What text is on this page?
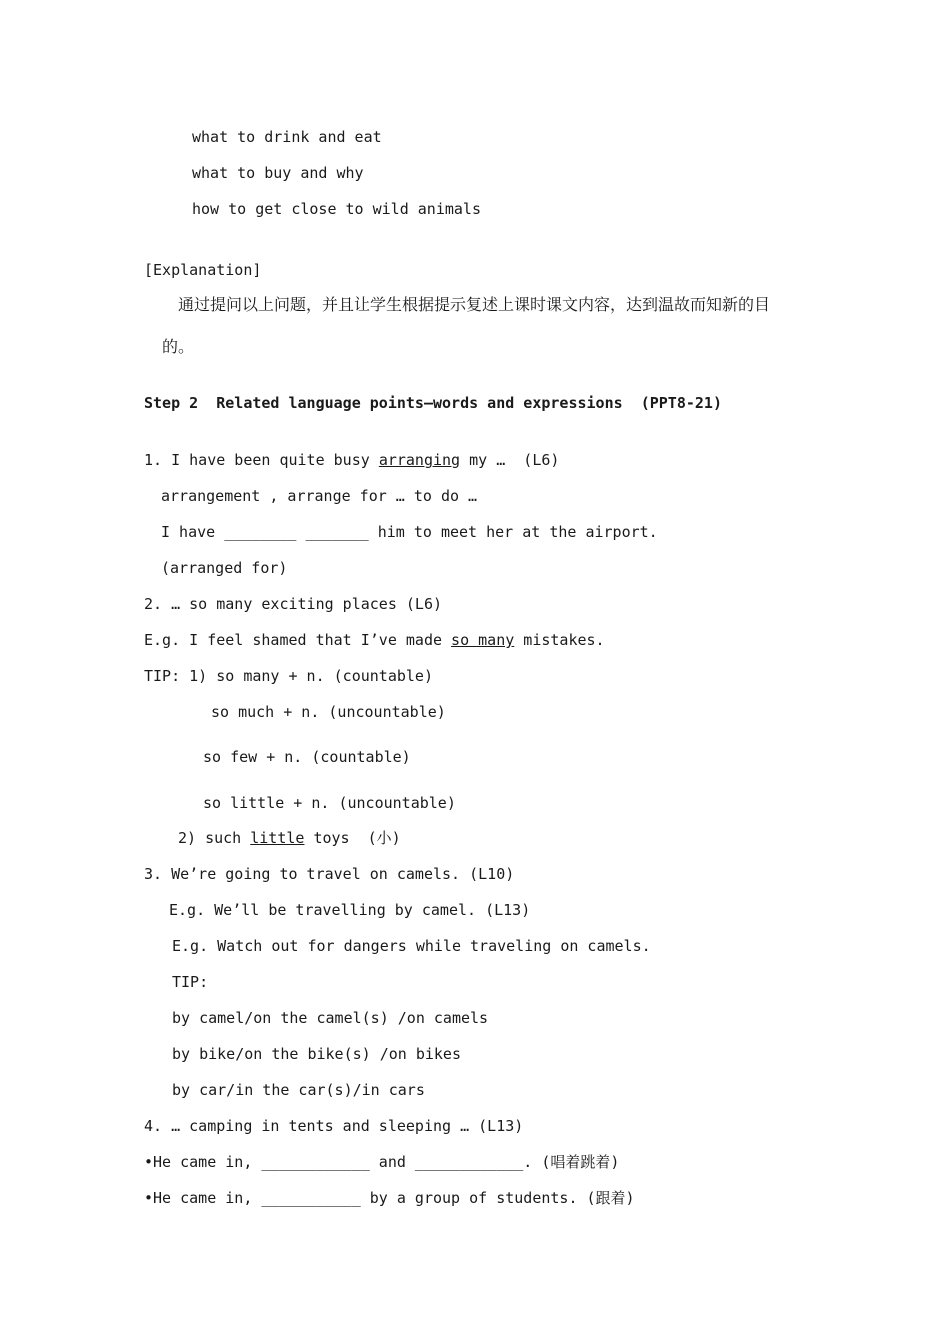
what to drink and eat
what to buy and why
how to get close to wild animals
[Explanation]
通过提问以上问题，并且让学生根据提示复述上课时课文内容，达到温故而知新的目
的。
Step 2  Related language points—words and expressions  (PPT8-21)
1. I have been quite busy arranging my …  (L6)
arrangement , arrange for … to do …
I have ________ _______ him to meet her at the airport.
(arranged for)
2. … so many exciting places (L6)
E.g. I feel shamed that I’ve made so many mistakes.
TIP: 1) so many + n. (countable)
so much + n. (uncountable)
so few + n. (countable)
so little + n. (uncountable)
2) such little toys  (小)
3. We’re going to travel on camels. (L10)
E.g. We’ll be travelling by camel. (L13)
E.g. Watch out for dangers while traveling on camels.
TIP:
by camel/on the camel(s) /on camels
by bike/on the bike(s) /on bikes
by car/in the car(s)/in cars
4. … camping in tents and sleeping … (L13)
•He came in, ____________ and ____________. (唱着跳着)
•He came in, ___________ by a group of students. (跟着)
